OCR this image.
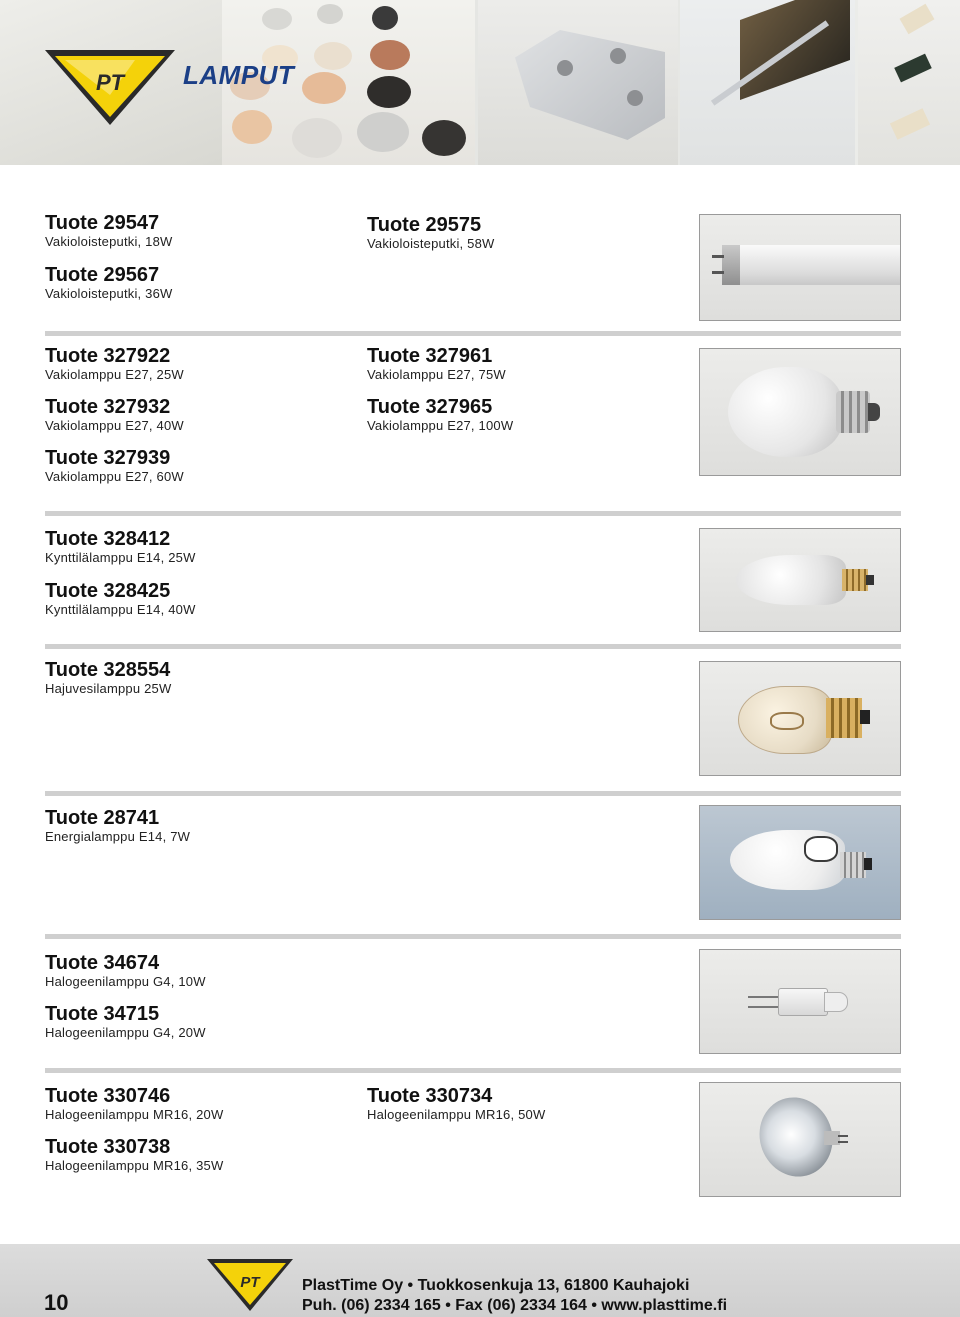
PT LAMPUT
Tuote 29547
Vakioloisteputki, 18W
Tuote 29567
Vakioloisteputki, 36W
Tuote 29575
Vakioloisteputki, 58W
Tuote 327922
Vakiolamppu E27, 25W
Tuote 327932
Vakiolamppu E27, 40W
Tuote 327939
Vakiolamppu E27, 60W
Tuote 327961
Vakiolamppu E27, 75W
Tuote 327965
Vakiolamppu E27, 100W
Tuote 328412
Kynttilälamppu E14, 25W
Tuote 328425
Kynttilälamppu E14, 40W
Tuote 328554
Hajuvesilamppu 25W
Tuote 28741
Energialamppu E14, 7W
Tuote 34674
Halogeenilamppu G4, 10W
Tuote 34715
Halogeenilamppu G4, 20W
Tuote 330746
Halogeenilamppu MR16, 20W
Tuote 330738
Halogeenilamppu MR16, 35W
Tuote 330734
Halogeenilamppu MR16, 50W
PT
10
PlastTime Oy • Tuokkosenkuja 13, 61800 Kauhajoki
Puh. (06) 2334 165 • Fax (06) 2334 164 • www.plasttime.fi
